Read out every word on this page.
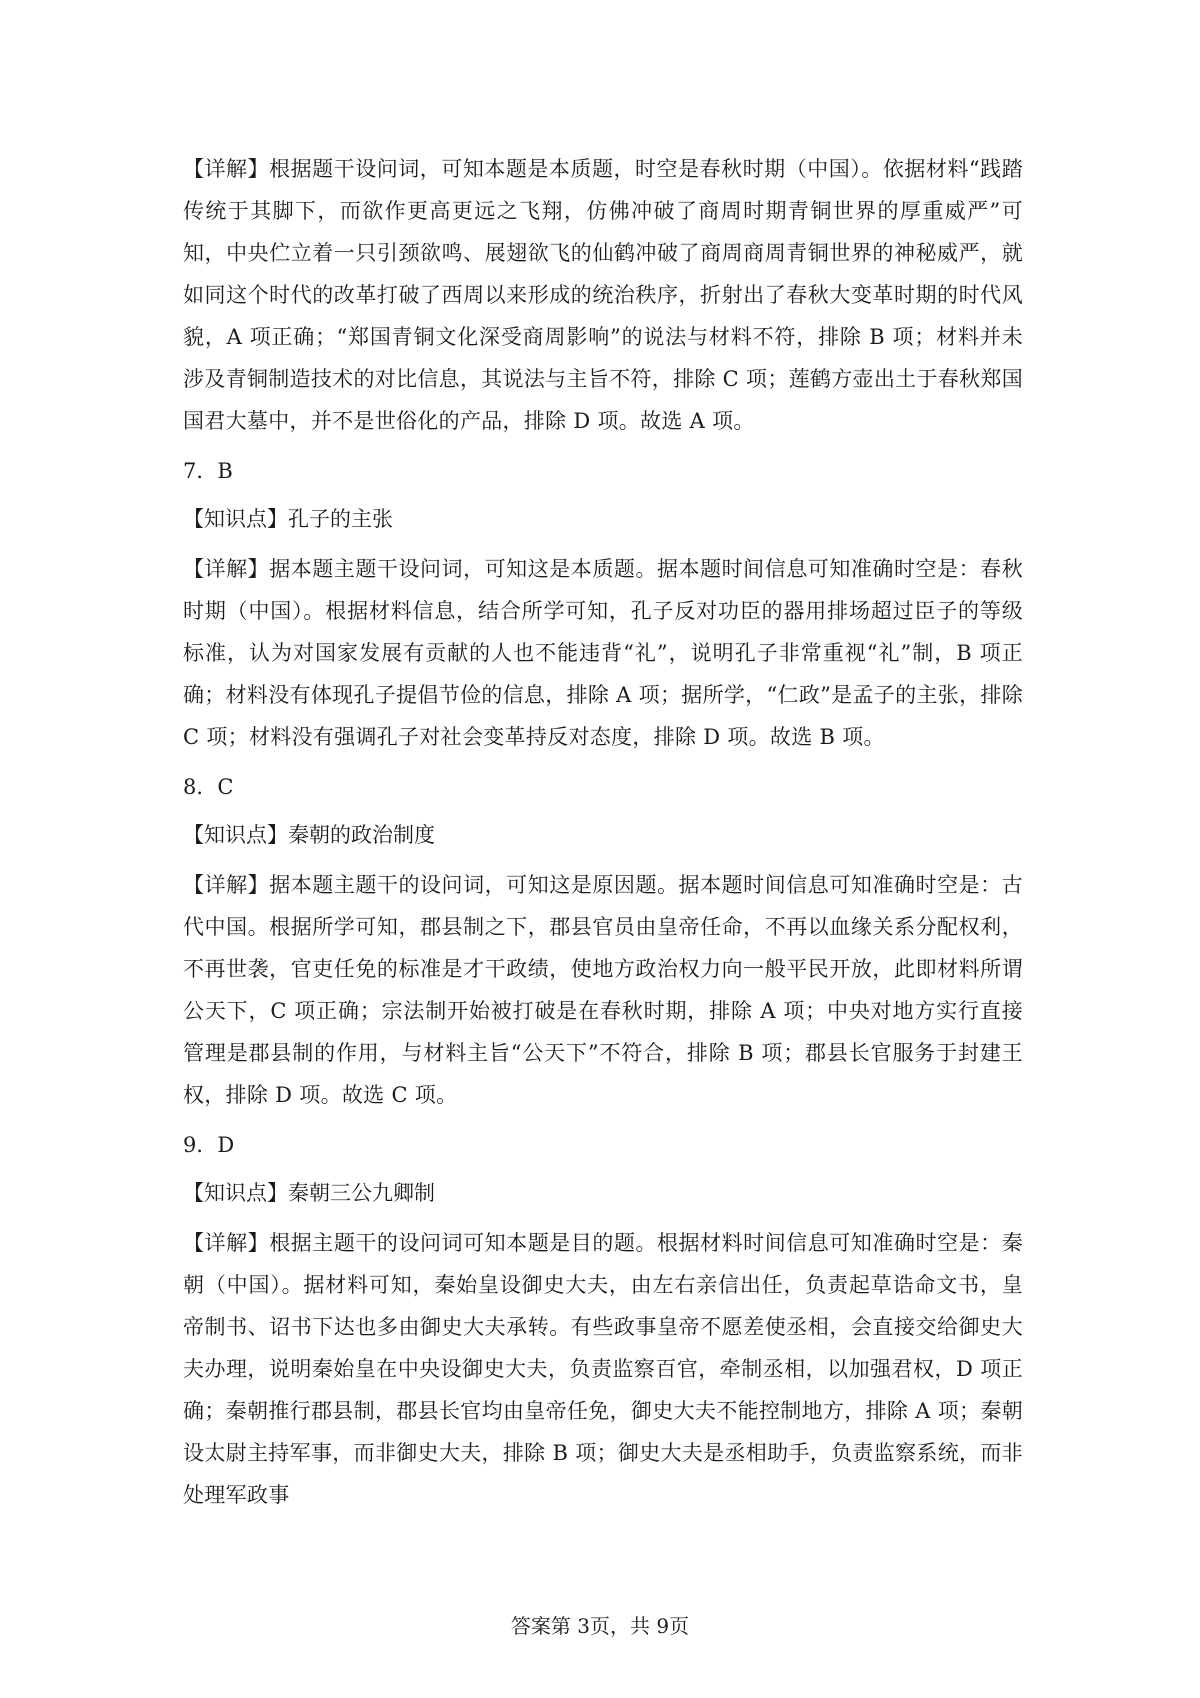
【详解】根据题干设问词，可知本题是本质题，时空是春秋时期（中国）。依据材料“践踏传统于其脚下，而欲作更高更远之飞翔，仿佛冲破了商周时期青铜世界的厚重威严”可知，中央伫立着一只引颈欲鸣、展翅欲飞的仙鹤冲破了商周商周青铜世界的神秘威严，就如同这个时代的改革打破了西周以来形成的统治秩序，折射出了春秋大变革时期的时代风貌，A 项正确；“郑国青铜文化深受商周影响”的说法与材料不符，排除 B 项；材料并未涉及青铜制造技术的对比信息，其说法与主旨不符，排除 C 项；莲鹤方壶出土于春秋郑国国君大墓中，并不是世俗化的产品，排除 D 项。故选 A 项。

7．B

【知识点】孔子的主张

【详解】据本题主题干设问词，可知这是本质题。据本题时间信息可知准确时空是：春秋时期（中国）。根据材料信息，结合所学可知，孔子反对功臣的器用排场超过臣子的等级标准，认为对国家发展有贡献的人也不能违背“礼”，说明孔子非常重视“礼”制，B 项正确；材料没有体现孔子提倡节俭的信息，排除 A 项；据所学，“仁政”是孟子的主张，排除 C 项；材料没有强调孔子对社会变革持反对态度，排除 D 项。故选 B 项。

8．C

【知识点】秦朝的政治制度

【详解】据本题主题干的设问词，可知这是原因题。据本题时间信息可知准确时空是：古代中国。根据所学可知，郡县制之下，郡县官员由皇帝任命，不再以血缘关系分配权利，不再世袭，官吏任免的标准是才干政绩，使地方政治权力向一般平民开放，此即材料所谓公天下，C 项正确；宗法制开始被打破是在春秋时期，排除 A 项；中央对地方实行直接管理是郡县制的作用，与材料主旨“公天下”不符合，排除 B 项；郡县长官服务于封建王权，排除 D 项。故选 C 项。

9．D

【知识点】秦朝三公九卿制

【详解】根据主题干的设问词可知本题是目的题。根据材料时间信息可知准确时空是：秦朝（中国）。据材料可知，秦始皇设御史大夫，由左右亲信出任，负责起草诰命文书，皇帝制书、诏书下达也多由御史大夫承转。有些政事皇帝不愿差使丞相，会直接交给御史大夫办理，说明秦始皇在中央设御史大夫，负责监察百官，牵制丞相，以加强君权，D 项正确；秦朝推行郡县制，郡县长官均由皇帝任免，御史大夫不能控制地方，排除 A 项；秦朝设太尉主持军事，而非御史大夫，排除 B 项；御史大夫是丞相助手，负责监察系统，而非处理军政事

答案第 3页，共 9页
